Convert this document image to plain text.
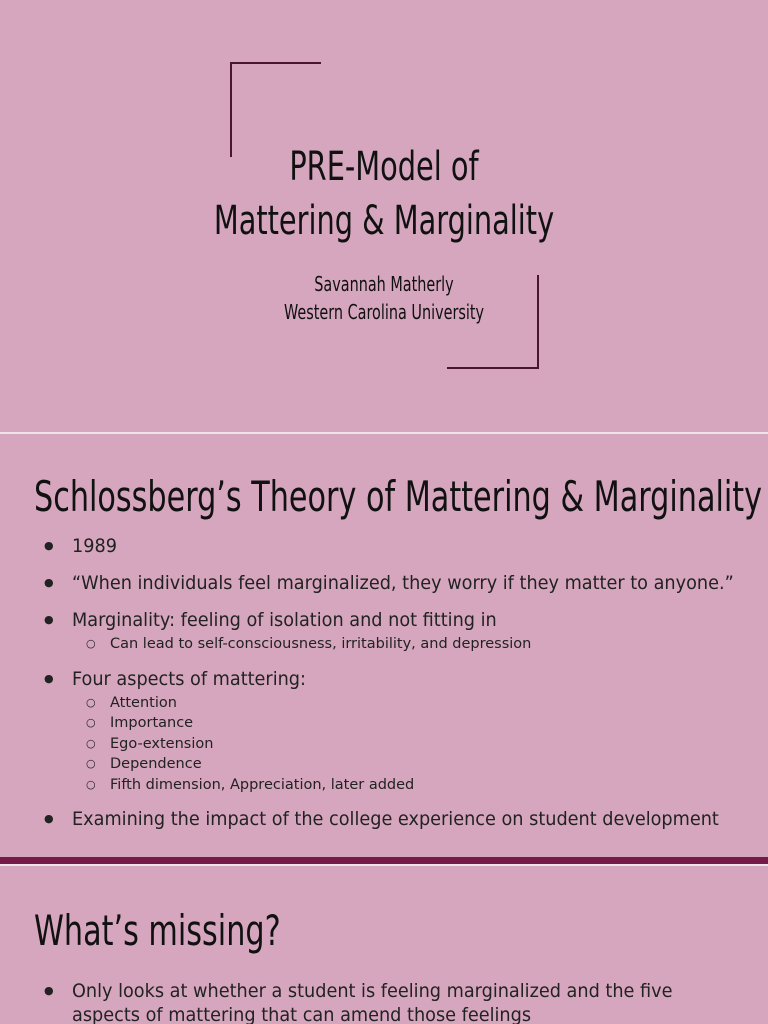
PRE-Model of
Mattering & Marginality
Savannah Matherly
Western Carolina University
Schlossberg’s Theory of Mattering & Marginality
● 1989
● “When individuals feel marginalized, they worry if they matter to anyone.”
● Marginality: feeling of isolation and not fitting in
○ Can lead to self-consciousness, irritability, and depression
● Four aspects of mattering:
○ Attention
○ Importance
○ Ego-extension
○ Dependence
○ Fifth dimension, Appreciation, later added
● Examining the impact of the college experience on student development
What’s missing?
● Only looks at whether a student is feeling marginalized and the five
aspects of mattering that can amend those feelings
